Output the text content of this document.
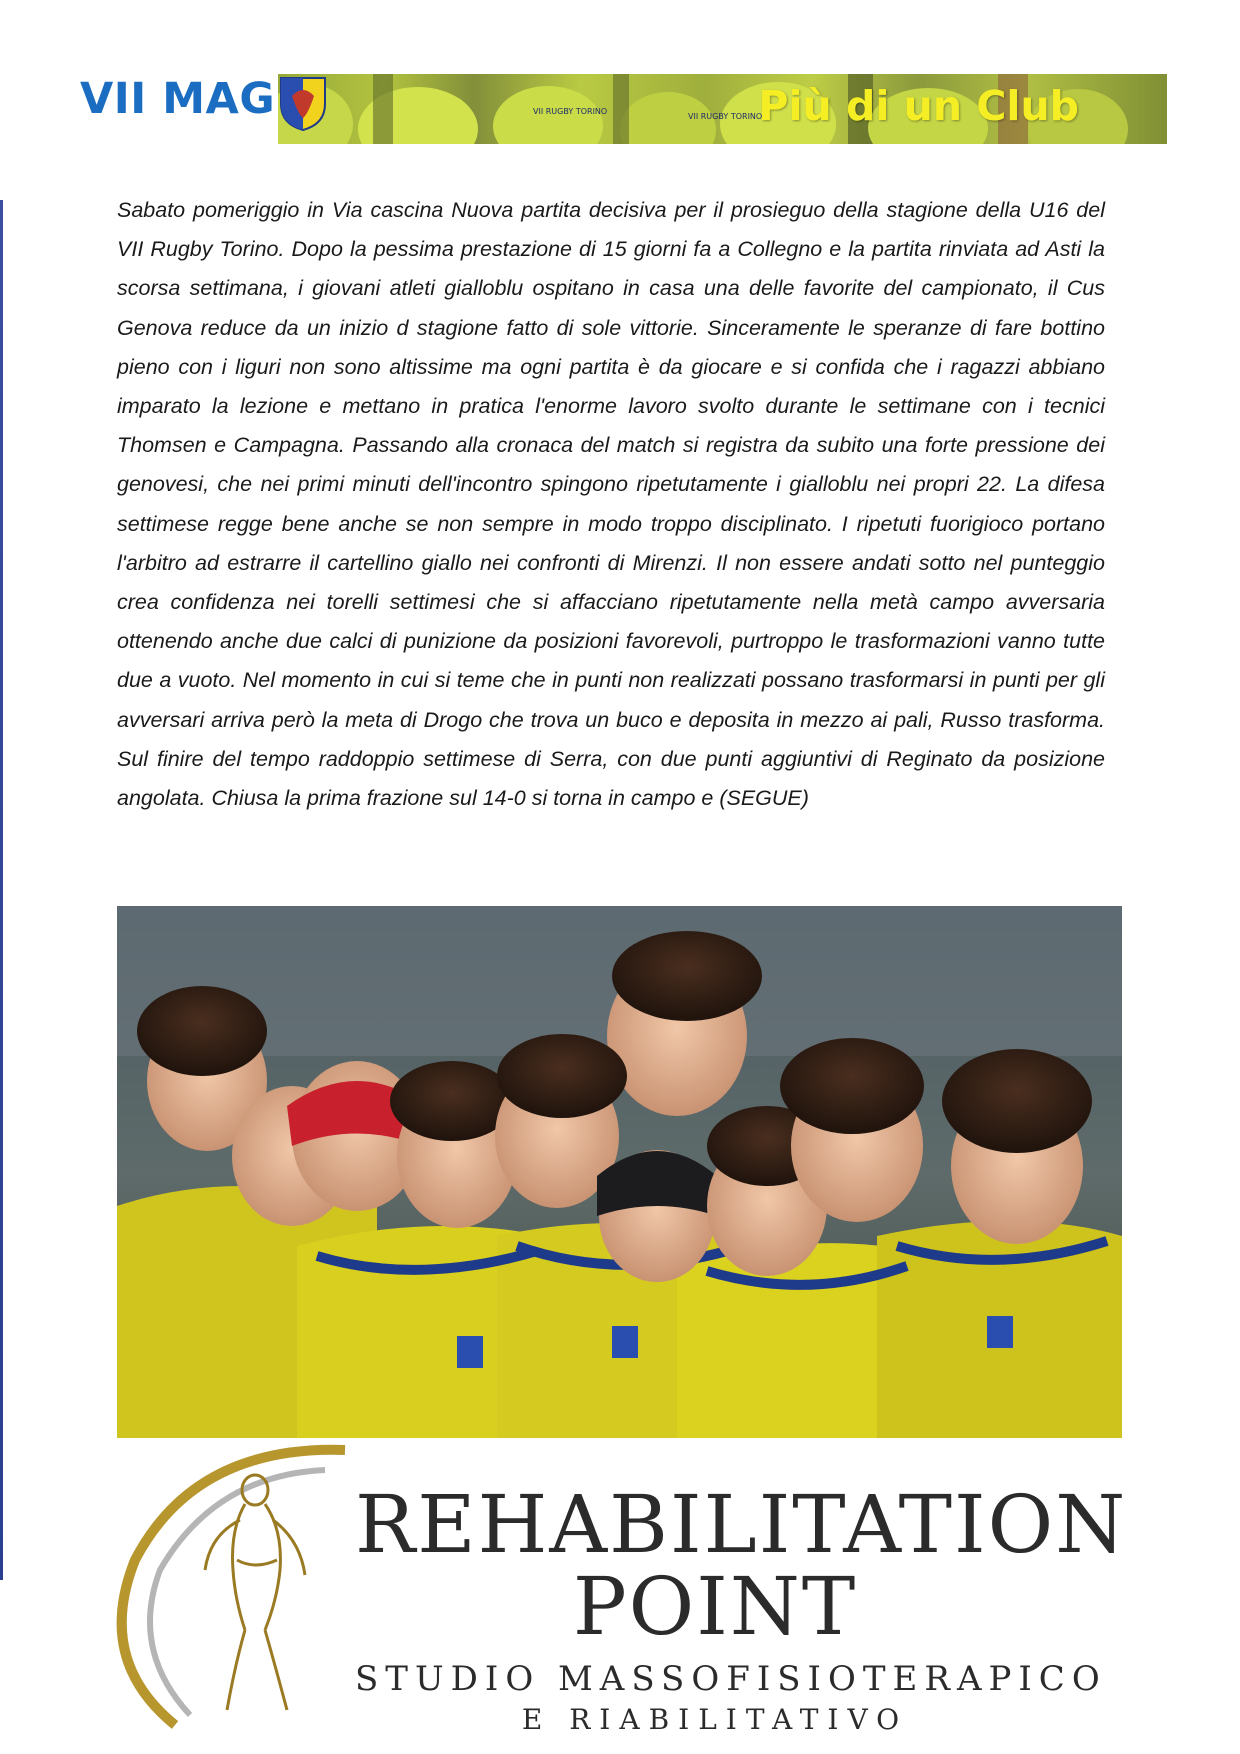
VII MAG	VII RUGBY TORINO
VII RUGBY TORINO
Più di un Club

Sabato pomeriggio in Via cascina Nuova partita decisiva per il prosieguo della stagione della U16 del VII Rugby Torino. Dopo la pessima prestazione di 15 giorni fa a Collegno e la partita rinviata ad Asti la scorsa settimana, i giovani atleti gialloblu ospitano in casa una delle favorite del campionato, il Cus Genova reduce da un inizio d stagione fatto di sole vittorie. Sinceramente le speranze di fare bottino pieno con i liguri non sono altissime ma ogni partita è da giocare e si confida che i ragazzi abbiano imparato la lezione e mettano in pratica l'enorme lavoro svolto durante le settimane con i tecnici Thomsen e Campagna. Passando alla cronaca del match si registra da subito una forte pressione dei genovesi, che nei primi minuti dell'incontro spingono ripetutamente i gialloblu nei propri 22. La difesa settimese regge bene anche se non sempre in modo troppo disciplinato. I ripetuti fuorigioco portano l'arbitro ad estrarre il cartellino giallo nei confronti di Mirenzi. Il non essere andati sotto nel punteggio crea confidenza nei torelli settimesi che si affacciano ripetutamente nella metà campo avversaria ottenendo anche due calci di punizione da posizioni favorevoli, purtroppo le trasformazioni vanno tutte due a vuoto. Nel momento in cui si teme che in punti non realizzati possano trasformarsi in punti per gli avversari arriva però la meta di Drogo che trova un buco e deposita in mezzo ai pali, Russo trasforma. Sul finire del tempo raddoppio settimese di Serra, con due punti aggiuntivi di Reginato da posizione angolata. Chiusa la prima frazione sul 14-0 si torna in campo e (SEGUE)

REHABILITATION
POINT
STUDIO MASSOFISIOTERAPICO
E RIABILITATIVO
